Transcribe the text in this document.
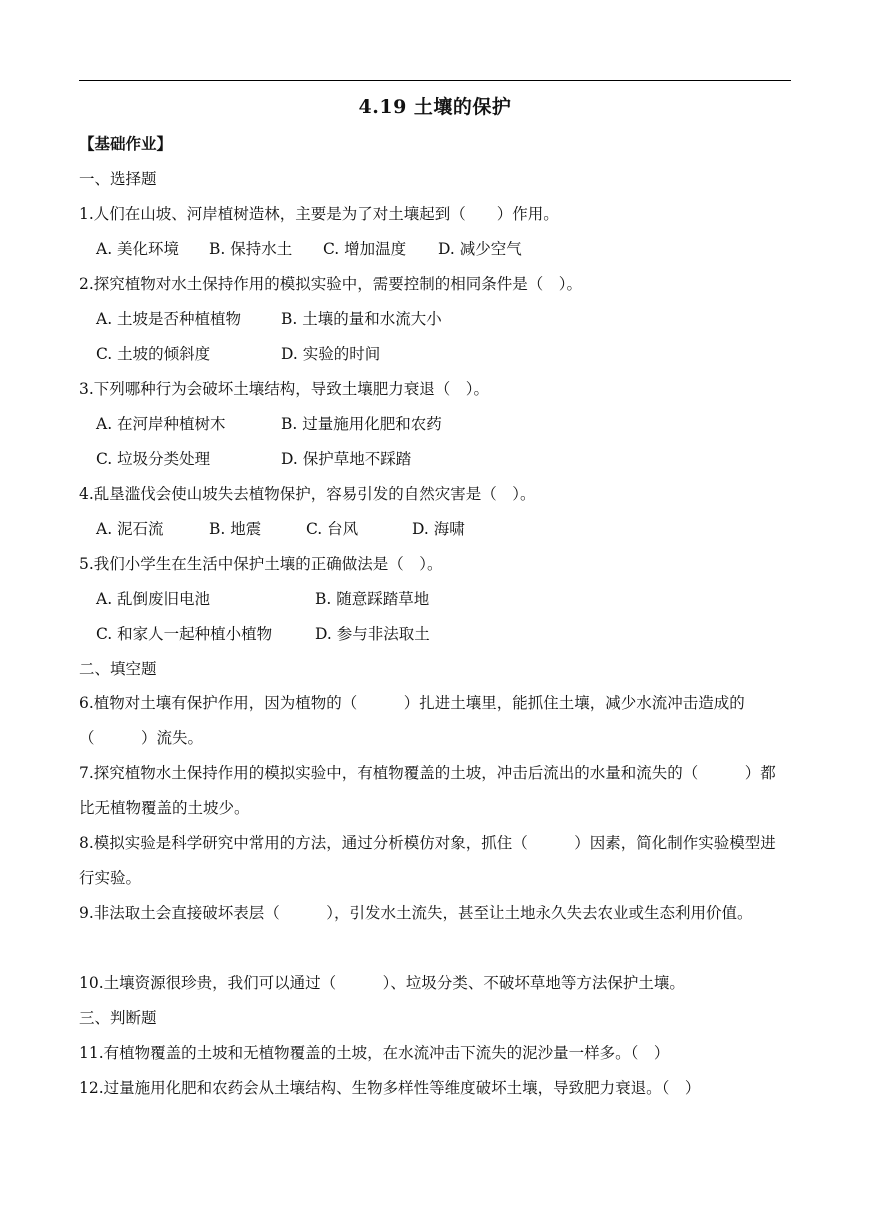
4.19 土壤的保护
【基础作业】
一、选择题
1.人们在山坡、河岸植树造林，主要是为了对土壤起到（　　）作用。
A. 美化环境 B. 保持水土 C. 增加温度 D. 减少空气
2.探究植物对水土保持作用的模拟实验中，需要控制的相同条件是（　）。
A. 土坡是否种植植物	B. 土壤的量和水流大小
C. 土坡的倾斜度	D. 实验的时间
3.下列哪种行为会破坏土壤结构，导致土壤肥力衰退（　）。
A. 在河岸种植树木	B. 过量施用化肥和农药
C. 垃圾分类处理	D. 保护草地不踩踏
4.乱垦滥伐会使山坡失去植物保护，容易引发的自然灾害是（　）。
A. 泥石流	B. 地震	C. 台风	D. 海啸
5.我们小学生在生活中保护土壤的正确做法是（　）。
A. 乱倒废旧电池	B. 随意踩踏草地
C. 和家人一起种植小植物	D. 参与非法取土
二、填空题
6.植物对土壤有保护作用，因为植物的（　　　）扎进土壤里，能抓住土壤，减少水流冲击造成的（　　　）流失。
7.探究植物水土保持作用的模拟实验中，有植物覆盖的土坡，冲击后流出的水量和流失的（　　　）都比无植物覆盖的土坡少。
8.模拟实验是科学研究中常用的方法，通过分析模仿对象，抓住（　　　）因素，简化制作实验模型进行实验。
9.非法取土会直接破坏表层（　　　），引发水土流失，甚至让土地永久失去农业或生态利用价值。
10.土壤资源很珍贵，我们可以通过（　　　）、垃圾分类、不破坏草地等方法保护土壤。
三、判断题
11.有植物覆盖的土坡和无植物覆盖的土坡，在水流冲击下流失的泥沙量一样多。（　）
12.过量施用化肥和农药会从土壤结构、生物多样性等维度破坏土壤，导致肥力衰退。（　）
